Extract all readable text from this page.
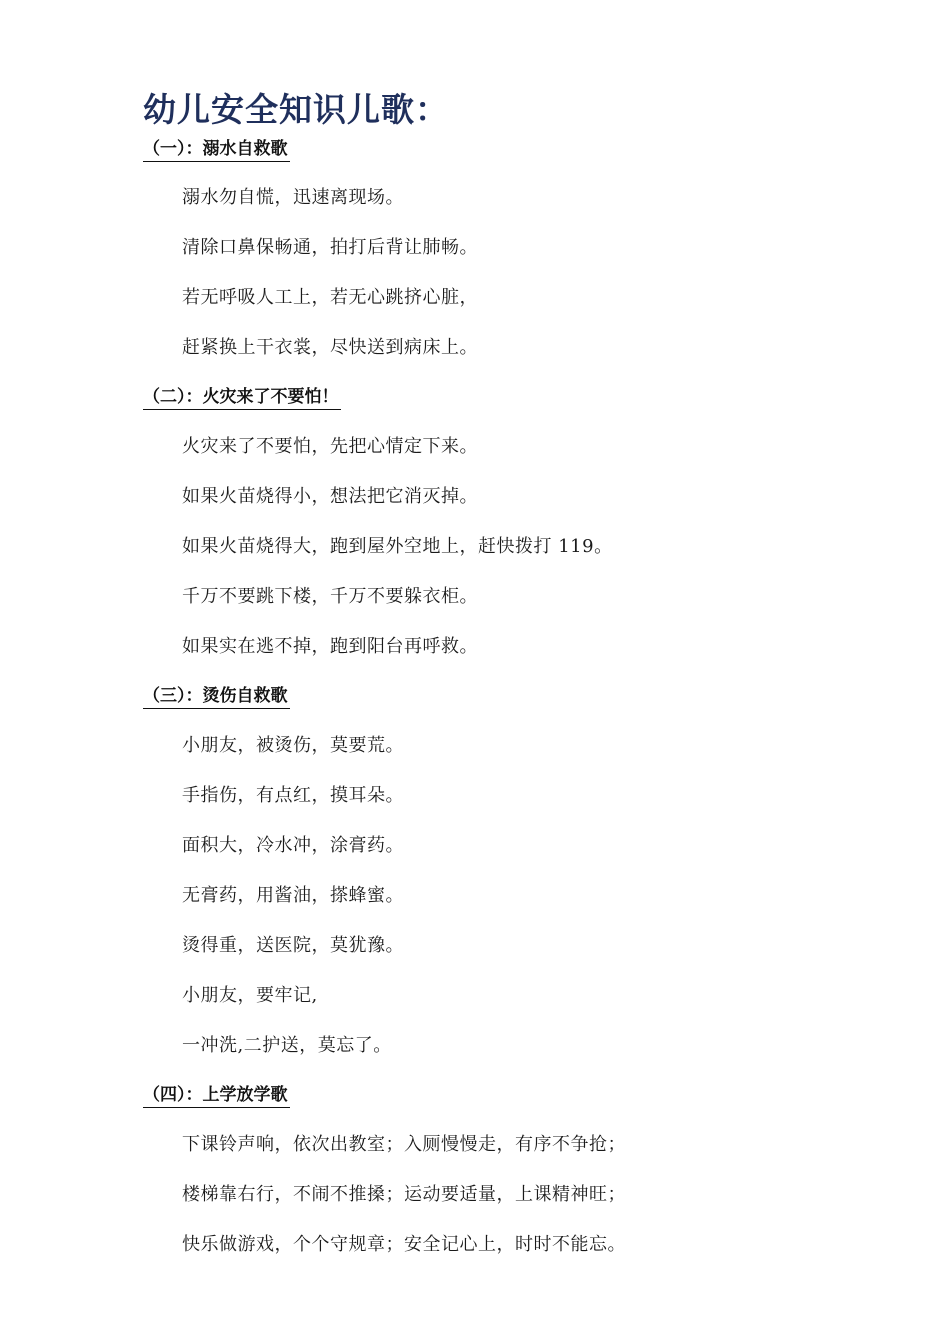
幼儿安全知识儿歌：
（一）：溺水自救歌

溺水勿自慌，迅速离现场。

清除口鼻保畅通，拍打后背让肺畅。

若无呼吸人工上，若无心跳挤心脏，

赶紧换上干衣裳，尽快送到病床上。

（二）：火灾来了不要怕！

火灾来了不要怕，先把心情定下来。

如果火苗烧得小，想法把它消灭掉。

如果火苗烧得大，跑到屋外空地上，赶快拨打 119。

千万不要跳下楼，千万不要躲衣柜。

如果实在逃不掉，跑到阳台再呼救。

（三）：烫伤自救歌

小朋友，被烫伤，莫要荒。

手指伤，有点红，摸耳朵。

面积大，冷水冲，涂膏药。

无膏药，用酱油，搽蜂蜜。

烫得重，送医院，莫犹豫。

小朋友，要牢记,

一冲洗,二护送，莫忘了。

（四）：上学放学歌

下课铃声响，依次出教室；入厕慢慢走，有序不争抢；

楼梯靠右行，不闹不推搡；运动要适量，上课精神旺；

快乐做游戏，个个守规章；安全记心上，时时不能忘。
